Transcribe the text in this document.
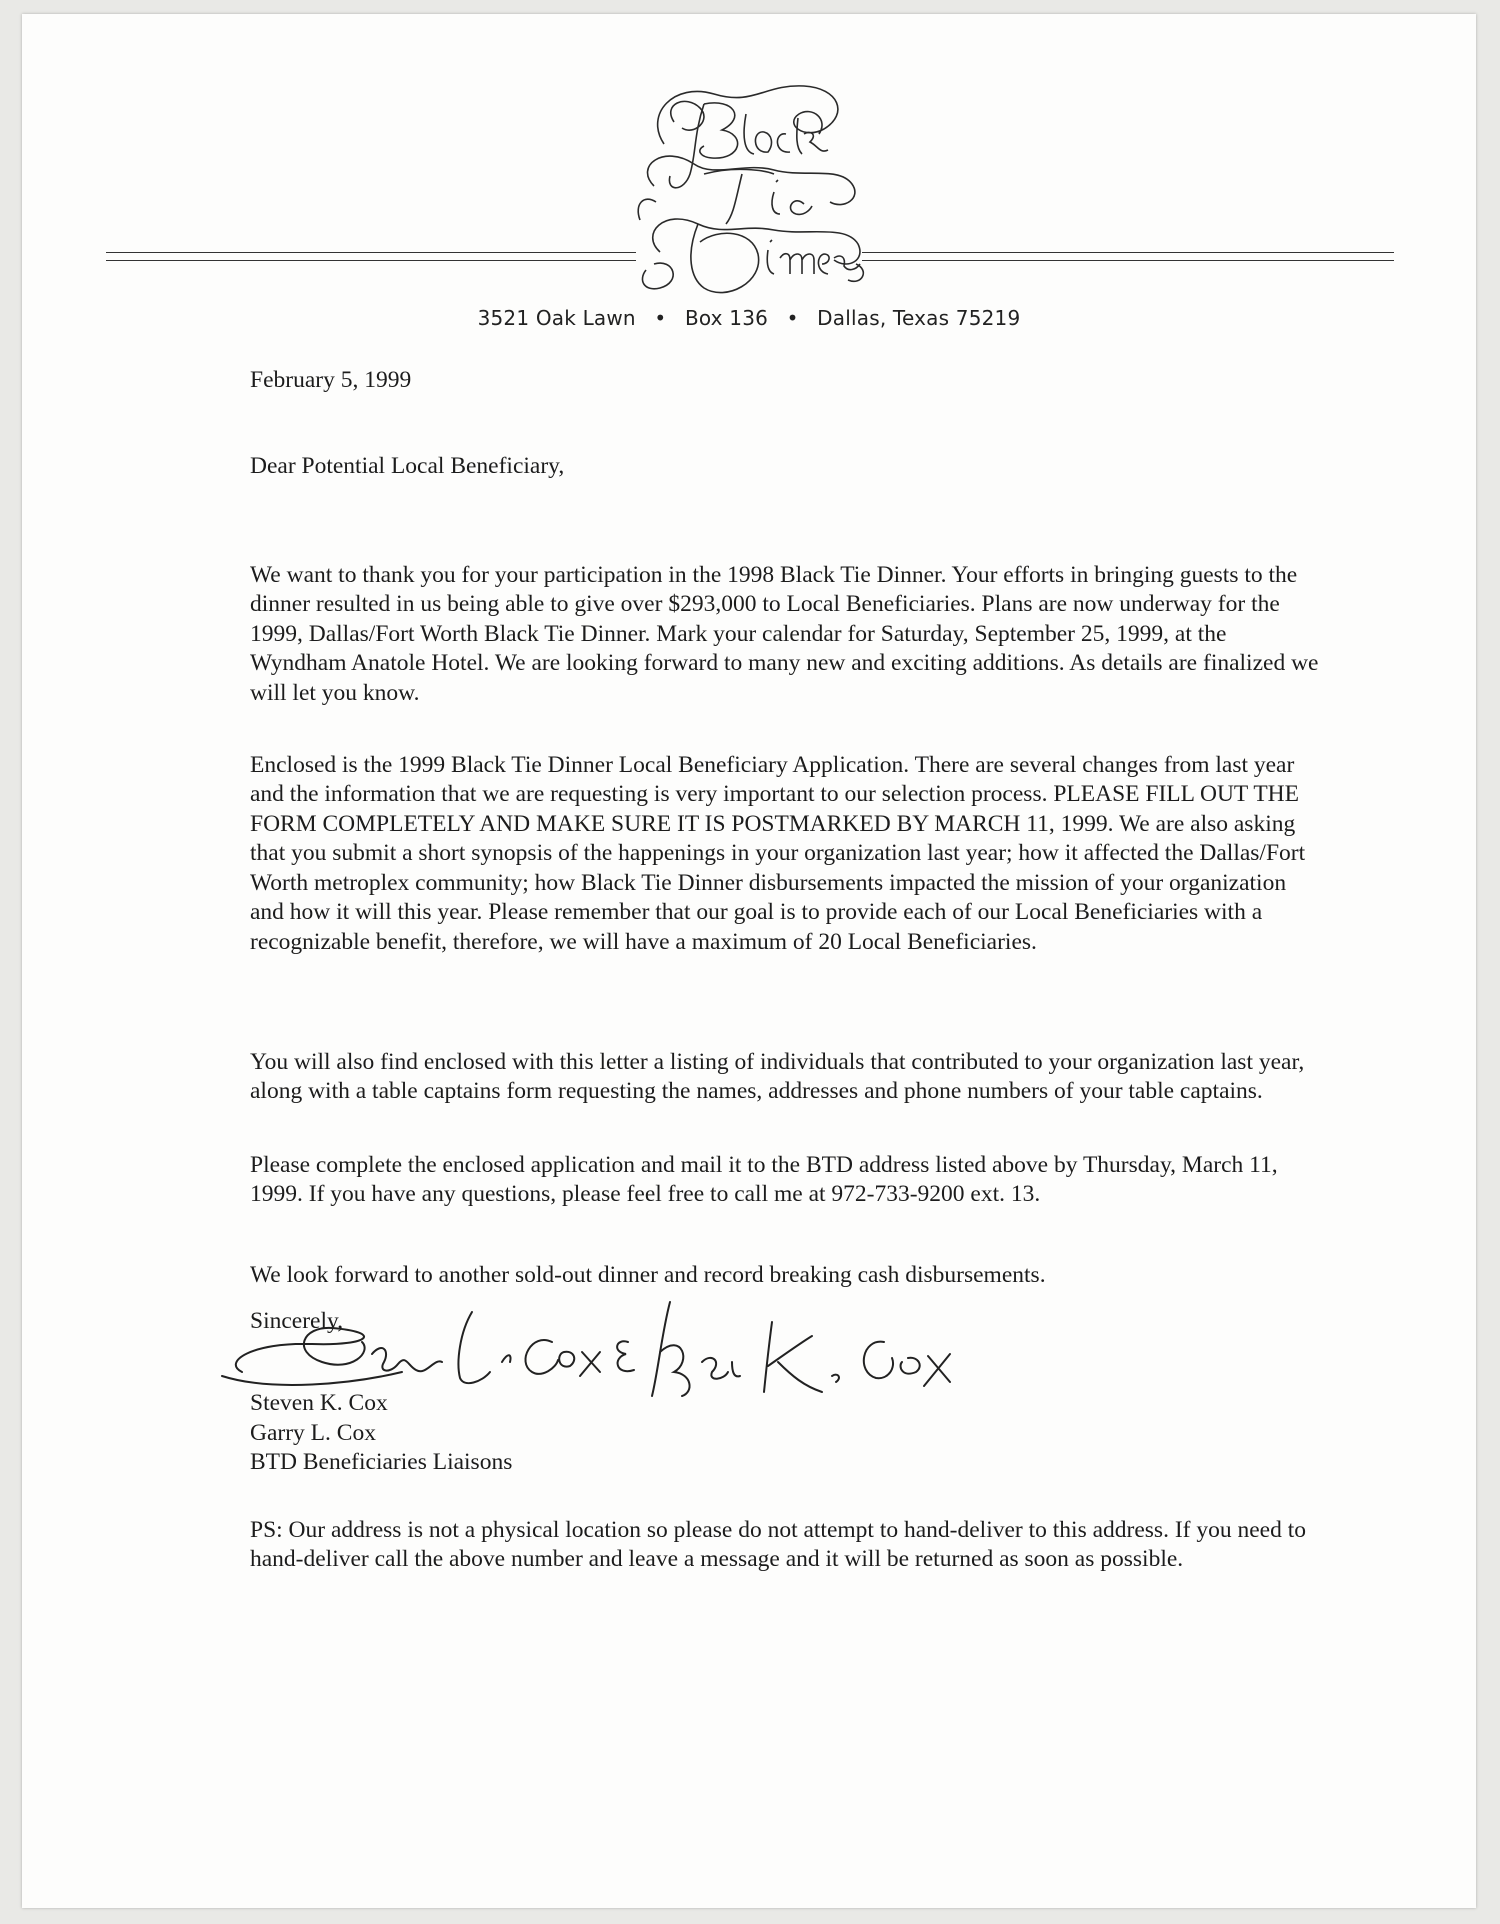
3521 Oak Lawn • Box 136 • Dallas, Texas 75219
February 5, 1999
Dear Potential Local Beneficiary,

We want to thank you for your participation in the 1998 Black Tie Dinner. Your efforts in bringing guests to the dinner resulted in us being able to give over $293,000 to Local Beneficiaries. Plans are now underway for the 1999, Dallas/Fort Worth Black Tie Dinner. Mark your calendar for Saturday, September 25, 1999, at the Wyndham Anatole Hotel. We are looking forward to many new and exciting additions. As details are finalized we will let you know.

Enclosed is the 1999 Black Tie Dinner Local Beneficiary Application. There are several changes from last year and the information that we are requesting is very important to our selection process. PLEASE FILL OUT THE FORM COMPLETELY AND MAKE SURE IT IS POSTMARKED BY MARCH 11, 1999. We are also asking that you submit a short synopsis of the happenings in your organization last year; how it affected the Dallas/Fort Worth metroplex community; how Black Tie Dinner disbursements impacted the mission of your organization and how it will this year. Please remember that our goal is to provide each of our Local Beneficiaries with a recognizable benefit, therefore, we will have a maximum of 20 Local Beneficiaries.

You will also find enclosed with this letter a listing of individuals that contributed to your organization last year, along with a table captains form requesting the names, addresses and phone numbers of your table captains.

Please complete the enclosed application and mail it to the BTD address listed above by Thursday, March 11, 1999. If you have any questions, please feel free to call me at 972-733-9200 ext. 13.

We look forward to another sold-out dinner and record breaking cash disbursements.

Sincerely,
Steven K. Cox
Garry L. Cox
BTD Beneficiaries Liaisons

PS: Our address is not a physical location so please do not attempt to hand-deliver to this address. If you need to hand-deliver call the above number and leave a message and it will be returned as soon as possible.
